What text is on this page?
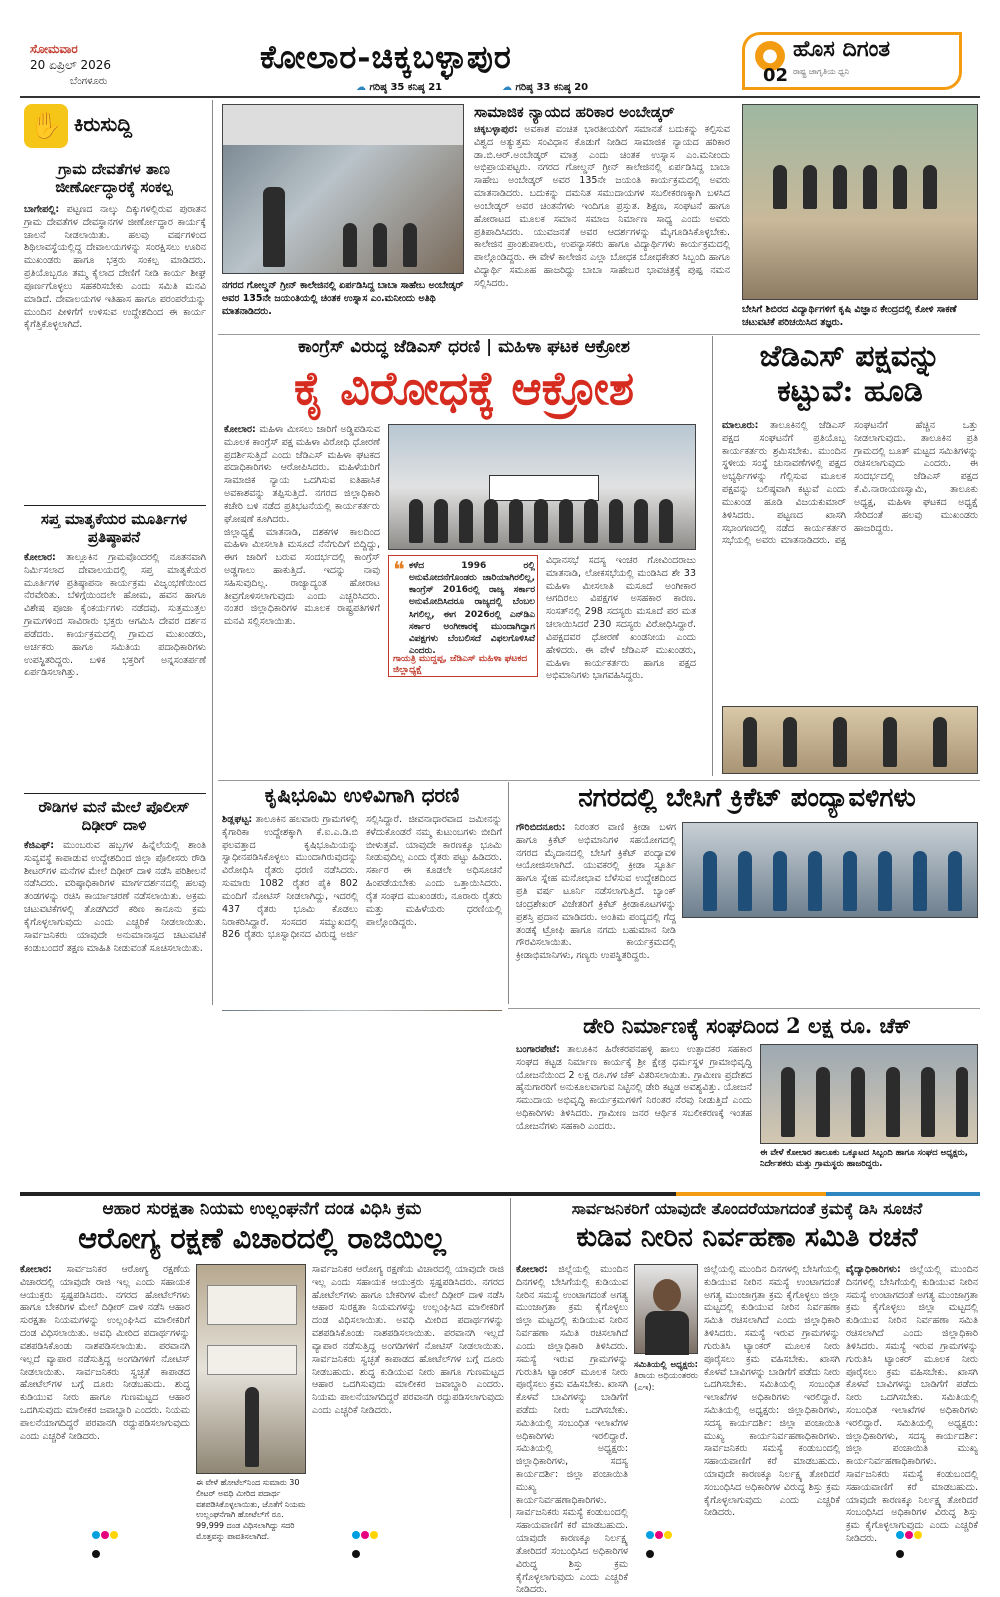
ಸೋಮವಾರ
20 ಏಪ್ರಿಲ್ 2026
ಬೆಂಗಳೂರು
ಕೋಲಾರ-ಚಿಕ್ಕಬಳ್ಳಾಪುರ
☁ ಗರಿಷ್ಠ 35 ಕನಿಷ್ಠ 21	☁ ಗರಿಷ್ಠ 33 ಕನಿಷ್ಠ 20
● ಹೊಸ ದಿಗಂತ
ರಾಷ್ಟ್ರ ಜಾಗೃತಿಯ ಧ್ವನಿ
02
✋ ಕಿರುಸುದ್ದಿ
ಗ್ರಾಮ ದೇವತೆಗಳ ತಾಣ ಜೀರ್ಣೋದ್ಧಾರಕ್ಕೆ ಸಂಕಲ್ಪ
ಬಾಗೇಪಲ್ಲಿ: ಪಟ್ಟಣದ ನಾಲ್ಕು ದಿಕ್ಕುಗಳಲ್ಲಿರುವ ಪುರಾತನ ಗ್ರಾಮ ದೇವತೆಗಳ ದೇವಸ್ಥಾನಗಳ ಜೀರ್ಣೋದ್ಧಾರ ಕಾರ್ಯಕ್ಕೆ ಚಾಲನೆ ನೀಡಲಾಯಿತು. ಹಲವು ವರ್ಷಗಳಿಂದ ಶಿಥಿಲಾವಸ್ಥೆಯಲ್ಲಿದ್ದ ದೇವಾಲಯಗಳನ್ನು ಸಂರಕ್ಷಿಸಲು ಊರಿನ ಮುಖಂಡರು ಹಾಗೂ ಭಕ್ತರು ಸಂಕಲ್ಪ ಮಾಡಿದರು. ಪ್ರತಿಯೊಬ್ಬರೂ ತಮ್ಮ ಕೈಲಾದ ದೇಣಿಗೆ ನೀಡಿ ಕಾರ್ಯ ಶೀಘ್ರ ಪೂರ್ಣಗೊಳ್ಳಲು ಸಹಕರಿಸಬೇಕು ಎಂದು ಸಮಿತಿ ಮನವಿ ಮಾಡಿದೆ. ದೇವಾಲಯಗಳ ಇತಿಹಾಸ ಹಾಗೂ ಪರಂಪರೆಯನ್ನು ಮುಂದಿನ ಪೀಳಿಗೆಗೆ ಉಳಿಸುವ ಉದ್ದೇಶದಿಂದ ಈ ಕಾರ್ಯ ಕೈಗೆತ್ತಿಕೊಳ್ಳಲಾಗಿದೆ.
ಸಪ್ತ ಮಾತೃಕೆಯರ ಮೂರ್ತಿಗಳ ಪ್ರತಿಷ್ಠಾಪನೆ
ಕೋಲಾರ: ತಾಲ್ಲೂಕಿನ ಗ್ರಾಮವೊಂದರಲ್ಲಿ ನೂತನವಾಗಿ ನಿರ್ಮಿಸಲಾದ ದೇವಾಲಯದಲ್ಲಿ ಸಪ್ತ ಮಾತೃಕೆಯರ ಮೂರ್ತಿಗಳ ಪ್ರತಿಷ್ಠಾಪನಾ ಕಾರ್ಯಕ್ರಮ ವಿಜೃಂಭಣೆಯಿಂದ ನೆರವೇರಿತು. ಬೆಳಿಗ್ಗೆಯಿಂದಲೇ ಹೋಮ, ಹವನ ಹಾಗೂ ವಿಶೇಷ ಪೂಜಾ ಕೈಂಕರ್ಯಗಳು ನಡೆದವು. ಸುತ್ತಮುತ್ತಲ ಗ್ರಾಮಗಳಿಂದ ಸಾವಿರಾರು ಭಕ್ತರು ಆಗಮಿಸಿ ದೇವರ ದರ್ಶನ ಪಡೆದರು. ಕಾರ್ಯಕ್ರಮದಲ್ಲಿ ಗ್ರಾಮದ ಮುಖಂಡರು, ಅರ್ಚಕರು ಹಾಗೂ ಸಮಿತಿಯ ಪದಾಧಿಕಾರಿಗಳು ಉಪಸ್ಥಿತರಿದ್ದರು. ಬಳಿಕ ಭಕ್ತರಿಗೆ ಅನ್ನಸಂತರ್ಪಣೆ ಏರ್ಪಡಿಸಲಾಗಿತ್ತು.
ರೌಡಿಗಳ ಮನೆ ಮೇಲೆ ಪೊಲೀಸ್ ದಿಢೀರ್ ದಾಳಿ
ಕೆಜಿಎಫ್: ಮುಂಬರುವ ಹಬ್ಬಗಳ ಹಿನ್ನೆಲೆಯಲ್ಲಿ ಶಾಂತಿ ಸುವ್ಯವಸ್ಥೆ ಕಾಪಾಡುವ ಉದ್ದೇಶದಿಂದ ಜಿಲ್ಲಾ ಪೊಲೀಸರು ರೌಡಿ ಶೀಟರ್‌ಗಳ ಮನೆಗಳ ಮೇಲೆ ದಿಢೀರ್ ದಾಳಿ ನಡೆಸಿ ಪರಿಶೀಲನೆ ನಡೆಸಿದರು. ವರಿಷ್ಠಾಧಿಕಾರಿಗಳ ಮಾರ್ಗದರ್ಶನದಲ್ಲಿ ಹಲವು ತಂಡಗಳನ್ನು ರಚಿಸಿ ಕಾರ್ಯಾಚರಣೆ ನಡೆಸಲಾಯಿತು. ಅಕ್ರಮ ಚಟುವಟಿಕೆಗಳಲ್ಲಿ ತೊಡಗಿದರೆ ಕಠಿಣ ಕಾನೂನು ಕ್ರಮ ಕೈಗೊಳ್ಳಲಾಗುವುದು ಎಂದು ಎಚ್ಚರಿಕೆ ನೀಡಲಾಯಿತು. ಸಾರ್ವಜನಿಕರು ಯಾವುದೇ ಅನುಮಾನಾಸ್ಪದ ಚಟುವಟಿಕೆ ಕಂಡುಬಂದರೆ ತಕ್ಷಣ ಮಾಹಿತಿ ನೀಡುವಂತೆ ಸೂಚಿಸಲಾಯಿತು.
ನಗರದ ಗೋಲ್ಡನ್ ಗ್ರೀನ್ ಕಾಲೇಜಿನಲ್ಲಿ ಏರ್ಪಡಿಸಿದ್ದ ಬಾಬಾ ಸಾಹೇಬ ಅಂಬೇಡ್ಕರ್ ಅವರ 135ನೇ ಜಯಂತಿಯಲ್ಲಿ ಚಿಂತಕ ಉಸ್ನಾಸ ಎಂ.ಮನೀಂದು ಅತಿಥಿ ಮಾತನಾಡಿದರು.
ಸಾಮಾಜಿಕ ನ್ಯಾಯದ ಹರಿಕಾರ ಅಂಬೇಡ್ಕರ್
ಚಿಕ್ಕಬಳ್ಳಾಪುರ: ಅವಕಾಶ ವಂಚಿತ ಭಾರತೀಯರಿಗೆ ಸಮಾನತೆ ಬದುಕನ್ನು ಕಲ್ಪಿಸುವ ವಿಶ್ವದ ಅತ್ಯುತ್ತಮ ಸಂವಿಧಾನ ಕೊಡುಗೆ ನೀಡಿದ ಸಾಮಾಜಿಕ ನ್ಯಾಯದ ಹರಿಕಾರ ಡಾ.ಬಿ.ಆರ್.ಅಂಬೇಡ್ಕರ್ ಮಾತ್ರ ಎಂದು ಚಿಂತಕ ಉಸ್ನಾಸ ಎಂ.ಮನೀಂದು ಅಭಿಪ್ರಾಯಪಟ್ಟರು. ನಗರದ ಗೋಲ್ಡನ್ ಗ್ರೀನ್ ಕಾಲೇಜಿನಲ್ಲಿ ಏರ್ಪಡಿಸಿದ್ದ ಬಾಬಾ ಸಾಹೇಬ ಅಂಬೇಡ್ಕರ್ ಅವರ 135ನೇ ಜಯಂತಿ ಕಾರ್ಯಕ್ರಮದಲ್ಲಿ ಅವರು ಮಾತನಾಡಿದರು. ಬದುಕನ್ನು ದಮನಿತ ಸಮುದಾಯಗಳ ಸಬಲೀಕರಣಕ್ಕಾಗಿ ಬಳಸಿದ ಅಂಬೇಡ್ಕರ್ ಅವರ ಚಿಂತನೆಗಳು ಇಂದಿಗೂ ಪ್ರಸ್ತುತ. ಶಿಕ್ಷಣ, ಸಂಘಟನೆ ಹಾಗೂ ಹೋರಾಟದ ಮೂಲಕ ಸಮಾನ ಸಮಾಜ ನಿರ್ಮಾಣ ಸಾಧ್ಯ ಎಂದು ಅವರು ಪ್ರತಿಪಾದಿಸಿದರು. ಯುವಜನತೆ ಅವರ ಆದರ್ಶಗಳನ್ನು ಮೈಗೂಡಿಸಿಕೊಳ್ಳಬೇಕು. ಕಾಲೇಜಿನ ಪ್ರಾಂಶುಪಾಲರು, ಉಪನ್ಯಾಸಕರು ಹಾಗೂ ವಿದ್ಯಾರ್ಥಿಗಳು ಕಾರ್ಯಕ್ರಮದಲ್ಲಿ ಪಾಲ್ಗೊಂಡಿದ್ದರು. ಈ ವೇಳೆ ಕಾಲೇಜಿನ ಎಲ್ಲಾ ಬೋಧಕ ಬೋಧಕೇತರ ಸಿಬ್ಬಂದಿ ಹಾಗೂ ವಿದ್ಯಾರ್ಥಿ ಸಮೂಹ ಹಾಜರಿದ್ದು ಬಾಬಾ ಸಾಹೇಬರ ಭಾವಚಿತ್ರಕ್ಕೆ ಪುಷ್ಪ ನಮನ ಸಲ್ಲಿಸಿದರು.
ಬೇಸಿಗೆ ಶಿಬಿರದ ವಿದ್ಯಾರ್ಥಿಗಳಿಗೆ ಕೃಷಿ ವಿಜ್ಞಾನ ಕೇಂದ್ರದಲ್ಲಿ ಕೋಳಿ ಸಾಕಣೆ ಚಟುವಟಿಕೆ ಪರಿಚಯಿಸಿದ ತಜ್ಞರು.
ಕಾಂಗ್ರೆಸ್ ವಿರುದ್ಧ ಜೆಡಿಎಸ್ ಧರಣಿ | ಮಹಿಳಾ ಘಟಕ ಆಕ್ರೋಶ
ಕೈ ವಿರೋಧಕ್ಕೆ ಆಕ್ರೋಶ
ಕೋಲಾರ: ಮಹಿಳಾ ಮೀಸಲು ಜಾರಿಗೆ ಅಡ್ಡಿಪಡಿಸುವ ಮೂಲಕ ಕಾಂಗ್ರೆಸ್ ಪಕ್ಷ ಮಹಿಳಾ ವಿರೋಧಿ ಧೋರಣೆ ಪ್ರದರ್ಶಿಸುತ್ತಿದೆ ಎಂದು ಜೆಡಿಎಸ್ ಮಹಿಳಾ ಘಟಕದ ಪದಾಧಿಕಾರಿಗಳು ಆರೋಪಿಸಿದರು. ಮಹಿಳೆಯರಿಗೆ ಸಾಮಾಜಿಕ ನ್ಯಾಯ ಒದಗಿಸುವ ಐತಿಹಾಸಿಕ ಅವಕಾಶವನ್ನು ತಪ್ಪಿಸುತ್ತಿದೆ. ನಗರದ ಜಿಲ್ಲಾಧಿಕಾರಿ ಕಚೇರಿ ಬಳಿ ನಡೆದ ಪ್ರತಿಭಟನೆಯಲ್ಲಿ ಕಾರ್ಯಕರ್ತರು ಘೋಷಣೆ ಕೂಗಿದರು.
ಜಿಲ್ಲಾಧ್ಯಕ್ಷೆ ಮಾತನಾಡಿ, ದಶಕಗಳ ಕಾಲದಿಂದ ಮಹಿಳಾ ಮೀಸಲಾತಿ ಮಸೂದೆ ನೆನೆಗುದಿಗೆ ಬಿದ್ದಿದ್ದು, ಈಗ ಜಾರಿಗೆ ಬರುವ ಸಂದರ್ಭದಲ್ಲಿ ಕಾಂಗ್ರೆಸ್ ಅಡ್ಡಗಾಲು ಹಾಕುತ್ತಿದೆ. ಇದನ್ನು ನಾವು ಸಹಿಸುವುದಿಲ್ಲ. ರಾಜ್ಯಾದ್ಯಂತ ಹೋರಾಟ ತೀವ್ರಗೊಳಿಸಲಾಗುವುದು ಎಂದು ಎಚ್ಚರಿಸಿದರು. ನಂತರ ಜಿಲ್ಲಾಧಿಕಾರಿಗಳ ಮೂಲಕ ರಾಷ್ಟ್ರಪತಿಗಳಿಗೆ ಮನವಿ ಸಲ್ಲಿಸಲಾಯಿತು.
❝ ಕಳೆದ 1996 ರಲ್ಲಿ ಅನುಮೋದನೆಗೊಂಡರು ಜಾರಿಯಾಗಿರಲಿಲ್ಲ, ಕಾಂಗ್ರೆಸ್ 2016ರಲ್ಲಿ ರಾಜ್ಯ ಸರ್ಕಾರ ಅನುಮೋದಿಸಿದರೂ ರಾಜ್ಯದಲ್ಲಿ ಬೆಂಬಲ ಸಿಗಲಿಲ್ಲ, ಈಗ 2026ರಲ್ಲಿ ಎನ್‌ಡಿಎ ಸರ್ಕಾರ ಅಂಗೀಕಾರಕ್ಕೆ ಮುಂದಾಗಿದ್ದಾಗ ವಿಪಕ್ಷಗಳು ಬೆಂಬಲಿಸದೆ ವಿಫಲಗೊಳಿಸಿವೆ ಎಂದರು.
ಗಾಯತ್ರಿ ಮುದ್ದಪ್ಪ, ಜೆಡಿಎಸ್ ಮಹಿಳಾ ಘಟಕದ ಜಿಲ್ಲಾಧ್ಯಕ್ಷೆ
ವಿಧಾನಸಭೆ ಸದಸ್ಯ ಇಂಚರ ಗೋವಿಂದರಾಜು ಮಾತನಾಡಿ, ಲೋಕಸಭೆಯಲ್ಲಿ ಮಂಡಿಸಿದ ಶೇ 33 ಮಹಿಳಾ ಮೀಸಲಾತಿ ಮಸೂದೆ ಅಂಗೀಕಾರ ಆಗದಿರಲು ವಿಪಕ್ಷಗಳ ಅಸಹಕಾರ ಕಾರಣ. ಸಂಸತ್‌ನಲ್ಲಿ 298 ಸದಸ್ಯರು ಮಸೂದೆ ಪರ ಮತ ಚಲಾಯಿಸಿದರೆ 230 ಸದಸ್ಯರು ವಿರೋಧಿಸಿದ್ದಾರೆ. ವಿಪಕ್ಷದವರ ಧೋರಣೆ ಖಂಡನೀಯ ಎಂದು ಹೇಳಿದರು. ಈ ವೇಳೆ ಜೆಡಿಎಸ್ ಮುಖಂಡರು, ಮಹಿಳಾ ಕಾರ್ಯಕರ್ತರು ಹಾಗೂ ಪಕ್ಷದ ಅಭಿಮಾನಿಗಳು ಭಾಗವಹಿಸಿದ್ದರು.
ಜೆಡಿಎಸ್ ಪಕ್ಷವನ್ನು ಕಟ್ಟುವೆ: ಹೂಡಿ
ಮಾಲೂರು: ತಾಲೂಕಿನಲ್ಲಿ ಜೆಡಿಎಸ್ ಪಕ್ಷದ ಸಂಘಟನೆಗೆ ಪ್ರತಿಯೊಬ್ಬ ಕಾರ್ಯಕರ್ತರು ಶ್ರಮಿಸಬೇಕು. ಮುಂದಿನ ಸ್ಥಳೀಯ ಸಂಸ್ಥೆ ಚುನಾವಣೆಗಳಲ್ಲಿ ಪಕ್ಷದ ಅಭ್ಯರ್ಥಿಗಳನ್ನು ಗೆಲ್ಲಿಸುವ ಮೂಲಕ ಪಕ್ಷವನ್ನು ಬಲಿಷ್ಠವಾಗಿ ಕಟ್ಟುವೆ ಎಂದು ಮುಖಂಡ ಹೂಡಿ ವಿಜಯಕುಮಾರ್ ತಿಳಿಸಿದರು. ಪಟ್ಟಣದ ಖಾಸಗಿ ಸಭಾಂಗಣದಲ್ಲಿ ನಡೆದ ಕಾರ್ಯಕರ್ತರ ಸಭೆಯಲ್ಲಿ ಅವರು ಮಾತನಾಡಿದರು. ಪಕ್ಷ ಸಂಘಟನೆಗೆ ಹೆಚ್ಚಿನ ಒತ್ತು ನೀಡಲಾಗುವುದು. ತಾಲೂಕಿನ ಪ್ರತಿ ಗ್ರಾಮದಲ್ಲಿ ಬೂತ್ ಮಟ್ಟದ ಸಮಿತಿಗಳನ್ನು ರಚಿಸಲಾಗುವುದು ಎಂದರು. ಈ ಸಂದರ್ಭದಲ್ಲಿ ಜೆಡಿಎಸ್ ಪಕ್ಷದ ಕೆ.ವಿ.ನಾರಾಯಣಸ್ವಾಮಿ, ತಾಲೂಕು ಅಧ್ಯಕ್ಷ, ಮಹಿಳಾ ಘಟಕದ ಅಧ್ಯಕ್ಷೆ ಸೇರಿದಂತೆ ಹಲವು ಮುಖಂಡರು ಹಾಜರಿದ್ದರು.
ಕೃಷಿಭೂಮಿ ಉಳಿವಿಗಾಗಿ ಧರಣಿ
ಶಿಡ್ಲಘಟ್ಟ: ತಾಲೂಕಿನ ಹಲವಾರು ಗ್ರಾಮಗಳಲ್ಲಿ ಕೈಗಾರಿಕಾ ಉದ್ದೇಶಕ್ಕಾಗಿ ಕೆ.ಐ.ಎ.ಡಿ.ಬಿ ಫಲವತ್ತಾದ ಕೃಷಿಭೂಮಿಯನ್ನು ಸ್ವಾಧೀನಪಡಿಸಿಕೊಳ್ಳಲು ಮುಂದಾಗಿರುವುದನ್ನು ವಿರೋಧಿಸಿ ರೈತರು ಧರಣಿ ನಡೆಸಿದರು. ಸುಮಾರು 1082 ರೈತರ ಪೈಕಿ 802 ಮಂದಿಗೆ ನೋಟಿಸ್ ನೀಡಲಾಗಿದ್ದು, ಇದರಲ್ಲಿ 437 ರೈತರು ಭೂಮಿ ಕೊಡಲು ನಿರಾಕರಿಸಿದ್ದಾರೆ. ಸಂಸದರ ಸಮ್ಮುಖದಲ್ಲಿ 826 ರೈತರು ಭೂಸ್ವಾಧೀನದ ವಿರುದ್ಧ ಅರ್ಜಿ ಸಲ್ಲಿಸಿದ್ದಾರೆ. ಜೀವನಾಧಾರವಾದ ಜಮೀನನ್ನು ಕಳೆದುಕೊಂಡರೆ ನಮ್ಮ ಕುಟುಂಬಗಳು ಬೀದಿಗೆ ಬೀಳುತ್ತವೆ. ಯಾವುದೇ ಕಾರಣಕ್ಕೂ ಭೂಮಿ ನೀಡುವುದಿಲ್ಲ ಎಂದು ರೈತರು ಪಟ್ಟು ಹಿಡಿದರು. ಸರ್ಕಾರ ಈ ಕೂಡಲೇ ಅಧಿಸೂಚನೆ ಹಿಂಪಡೆಯಬೇಕು ಎಂದು ಒತ್ತಾಯಿಸಿದರು. ರೈತ ಸಂಘದ ಮುಖಂಡರು, ನೂರಾರು ರೈತರು ಮತ್ತು ಮಹಿಳೆಯರು ಧರಣಿಯಲ್ಲಿ ಪಾಲ್ಗೊಂಡಿದ್ದರು.
ನಗರದಲ್ಲಿ ಬೇಸಿಗೆ ಕ್ರಿಕೆಟ್ ಪಂದ್ಯಾವಳಿಗಳು
ಗೌರಿಬಿದನೂರು: ನಿರಂತರ ವಾಣಿ ಕ್ರೀಡಾ ಬಳಗ ಹಾಗೂ ಕ್ರಿಕೆಟ್ ಅಭಿಮಾನಿಗಳ ಸಹಯೋಗದಲ್ಲಿ ನಗರದ ಮೈದಾನದಲ್ಲಿ ಬೇಸಿಗೆ ಕ್ರಿಕೆಟ್ ಪಂದ್ಯಾವಳಿ ಆಯೋಜಿಸಲಾಗಿದೆ. ಯುವಕರಲ್ಲಿ ಕ್ರೀಡಾ ಸ್ಫೂರ್ತಿ ಹಾಗೂ ಸ್ನೇಹ ಮನೋಭಾವ ಬೆಳೆಸುವ ಉದ್ದೇಶದಿಂದ ಪ್ರತಿ ವರ್ಷ ಟೂರ್ನಿ ನಡೆಸಲಾಗುತ್ತಿದೆ. ಬ್ಯಾಂಕ್ ಚಂದ್ರಶೇಖರ್ ವಿಜೇತರಿಗೆ ಕ್ರಿಕೆಟ್ ಕ್ರೀಡಾಕೂಟಗಳನ್ನು ಪ್ರಶಸ್ತಿ ಪ್ರದಾನ ಮಾಡಿದರು. ಅಂತಿಮ ಪಂದ್ಯದಲ್ಲಿ ಗೆದ್ದ ತಂಡಕ್ಕೆ ಟ್ರೋಫಿ ಹಾಗೂ ನಗದು ಬಹುಮಾನ ನೀಡಿ ಗೌರವಿಸಲಾಯಿತು. ಕಾರ್ಯಕ್ರಮದಲ್ಲಿ ಕ್ರೀಡಾಭಿಮಾನಿಗಳು, ಗಣ್ಯರು ಉಪಸ್ಥಿತರಿದ್ದರು.
ಡೇರಿ ನಿರ್ಮಾಣಕ್ಕೆ ಸಂಘದಿಂದ 2 ಲಕ್ಷ ರೂ. ಚೆಕ್
ಬಂಗಾರಪೇಟೆ: ತಾಲೂಕಿನ ಹಿರೇಕರಪನಹಳ್ಳಿ ಹಾಲು ಉತ್ಪಾದಕರ ಸಹಕಾರ ಸಂಘದ ಕಟ್ಟಡ ನಿರ್ಮಾಣ ಕಾರ್ಯಕ್ಕೆ ಶ್ರೀ ಕ್ಷೇತ್ರ ಧರ್ಮಸ್ಥಳ ಗ್ರಾಮಾಭಿವೃದ್ಧಿ ಯೋಜನೆಯಿಂದ 2 ಲಕ್ಷ ರೂ.ಗಳ ಚೆಕ್ ವಿತರಿಸಲಾಯಿತು. ಗ್ರಾಮೀಣ ಪ್ರದೇಶದ ಹೈನುಗಾರರಿಗೆ ಅನುಕೂಲವಾಗುವ ನಿಟ್ಟಿನಲ್ಲಿ ಡೇರಿ ಕಟ್ಟಡ ಅವಶ್ಯವಿತ್ತು. ಯೋಜನೆ ಸಮುದಾಯ ಅಭಿವೃದ್ಧಿ ಕಾರ್ಯಕ್ರಮಗಳಿಗೆ ನಿರಂತರ ನೆರವು ನೀಡುತ್ತಿದೆ ಎಂದು ಅಧಿಕಾರಿಗಳು ತಿಳಿಸಿದರು. ಗ್ರಾಮೀಣ ಜನರ ಆರ್ಥಿಕ ಸಬಲೀಕರಣಕ್ಕೆ ಇಂತಹ ಯೋಜನೆಗಳು ಸಹಕಾರಿ ಎಂದರು.
ಈ ವೇಳೆ ಕೋಲಾರ ತಾಲೂಕು ಒಕ್ಕೂಟದ ಸಿಬ್ಬಂದಿ ಹಾಗೂ ಸಂಘದ ಅಧ್ಯಕ್ಷರು, ನಿರ್ದೇಶಕರು ಮತ್ತು ಗ್ರಾಮಸ್ಥರು ಹಾಜರಿದ್ದರು.
ಆಹಾರ ಸುರಕ್ಷತಾ ನಿಯಮ ಉಲ್ಲಂಘನೆಗೆ ದಂಡ ವಿಧಿಸಿ ಕ್ರಮ
ಆರೋಗ್ಯ ರಕ್ಷಣೆ ವಿಚಾರದಲ್ಲಿ ರಾಜಿಯಿಲ್ಲ
ಕೋಲಾರ: ಸಾರ್ವಜನಿಕರ ಆರೋಗ್ಯ ರಕ್ಷಣೆಯ ವಿಚಾರದಲ್ಲಿ ಯಾವುದೇ ರಾಜಿ ಇಲ್ಲ ಎಂದು ಸಹಾಯಕ ಆಯುಕ್ತರು ಸ್ಪಷ್ಟಪಡಿಸಿದರು. ನಗರದ ಹೋಟೆಲ್‌ಗಳು ಹಾಗೂ ಬೇಕರಿಗಳ ಮೇಲೆ ದಿಢೀರ್ ದಾಳಿ ನಡೆಸಿ ಆಹಾರ ಸುರಕ್ಷತಾ ನಿಯಮಗಳನ್ನು ಉಲ್ಲಂಘಿಸಿದ ಮಾಲೀಕರಿಗೆ ದಂಡ ವಿಧಿಸಲಾಯಿತು. ಅವಧಿ ಮೀರಿದ ಪದಾರ್ಥಗಳನ್ನು ವಶಪಡಿಸಿಕೊಂಡು ನಾಶಪಡಿಸಲಾಯಿತು. ಪರವಾನಗಿ ಇಲ್ಲದೆ ವ್ಯಾಪಾರ ನಡೆಸುತ್ತಿದ್ದ ಅಂಗಡಿಗಳಿಗೆ ನೋಟಿಸ್ ನೀಡಲಾಯಿತು. ಸಾರ್ವಜನಿಕರು ಸ್ವಚ್ಛತೆ ಕಾಪಾಡದ ಹೋಟೆಲ್‌ಗಳ ಬಗ್ಗೆ ದೂರು ನೀಡಬಹುದು. ಶುದ್ಧ ಕುಡಿಯುವ ನೀರು ಹಾಗೂ ಗುಣಮಟ್ಟದ ಆಹಾರ ಒದಗಿಸುವುದು ಮಾಲೀಕರ ಜವಾಬ್ದಾರಿ ಎಂದರು. ನಿಯಮ ಪಾಲನೆಯಾಗದಿದ್ದರೆ ಪರವಾನಗಿ ರದ್ದುಪಡಿಸಲಾಗುವುದು ಎಂದು ಎಚ್ಚರಿಕೆ ನೀಡಿದರು.
ಈ ವೇಳೆ ಹೋಟೆಲ್‌ನಿಂದ ಸುಮಾರು 30 ಲೀಟರ್ ಅವಧಿ ಮೀರಿದ ಪದಾರ್ಥ ವಶಪಡಿಸಿಕೊಳ್ಳಲಾಯಿತು, ಜೊತೆಗೆ ನಿಯಮ ಉಲ್ಲಂಘನೆಗಾಗಿ ಹೋಟೆಲ್‌ಗೆ ರೂ. 99,999 ದಂಡ ವಿಧಿಸಲಾಗಿದ್ದು ಸದರಿ ಮೊತ್ತವನ್ನು ಪಾವತಿಸಲಾಗಿದೆ.
ಸಾರ್ವಜನಿಕರ ಆರೋಗ್ಯ ರಕ್ಷಣೆಯ ವಿಚಾರದಲ್ಲಿ ಯಾವುದೇ ರಾಜಿ ಇಲ್ಲ ಎಂದು ಸಹಾಯಕ ಆಯುಕ್ತರು ಸ್ಪಷ್ಟಪಡಿಸಿದರು. ನಗರದ ಹೋಟೆಲ್‌ಗಳು ಹಾಗೂ ಬೇಕರಿಗಳ ಮೇಲೆ ದಿಢೀರ್ ದಾಳಿ ನಡೆಸಿ ಆಹಾರ ಸುರಕ್ಷತಾ ನಿಯಮಗಳನ್ನು ಉಲ್ಲಂಘಿಸಿದ ಮಾಲೀಕರಿಗೆ ದಂಡ ವಿಧಿಸಲಾಯಿತು. ಅವಧಿ ಮೀರಿದ ಪದಾರ್ಥಗಳನ್ನು ವಶಪಡಿಸಿಕೊಂಡು ನಾಶಪಡಿಸಲಾಯಿತು. ಪರವಾನಗಿ ಇಲ್ಲದೆ ವ್ಯಾಪಾರ ನಡೆಸುತ್ತಿದ್ದ ಅಂಗಡಿಗಳಿಗೆ ನೋಟಿಸ್ ನೀಡಲಾಯಿತು. ಸಾರ್ವಜನಿಕರು ಸ್ವಚ್ಛತೆ ಕಾಪಾಡದ ಹೋಟೆಲ್‌ಗಳ ಬಗ್ಗೆ ದೂರು ನೀಡಬಹುದು. ಶುದ್ಧ ಕುಡಿಯುವ ನೀರು ಹಾಗೂ ಗುಣಮಟ್ಟದ ಆಹಾರ ಒದಗಿಸುವುದು ಮಾಲೀಕರ ಜವಾಬ್ದಾರಿ ಎಂದರು. ನಿಯಮ ಪಾಲನೆಯಾಗದಿದ್ದರೆ ಪರವಾನಗಿ ರದ್ದುಪಡಿಸಲಾಗುವುದು ಎಂದು ಎಚ್ಚರಿಕೆ ನೀಡಿದರು.
ಸಾರ್ವಜನಿಕರಿಗೆ ಯಾವುದೇ ತೊಂದರೆಯಾಗದಂತೆ ಕ್ರಮಕ್ಕೆ ಡಿಸಿ ಸೂಚನೆ
ಕುಡಿವ ನೀರಿನ ನಿರ್ವಹಣಾ ಸಮಿತಿ ರಚನೆ
ಕೋಲಾರ: ಜಿಲ್ಲೆಯಲ್ಲಿ ಮುಂದಿನ ದಿನಗಳಲ್ಲಿ ಬೇಸಿಗೆಯಲ್ಲಿ ಕುಡಿಯುವ ನೀರಿನ ಸಮಸ್ಯೆ ಉಂಟಾಗದಂತೆ ಅಗತ್ಯ ಮುಂಜಾಗ್ರತಾ ಕ್ರಮ ಕೈಗೊಳ್ಳಲು ಜಿಲ್ಲಾ ಮಟ್ಟದಲ್ಲಿ ಕುಡಿಯುವ ನೀರಿನ ನಿರ್ವಹಣಾ ಸಮಿತಿ ರಚಿಸಲಾಗಿದೆ ಎಂದು ಜಿಲ್ಲಾಧಿಕಾರಿ ತಿಳಿಸಿದರು. ಸಮಸ್ಯೆ ಇರುವ ಗ್ರಾಮಗಳನ್ನು ಗುರುತಿಸಿ ಟ್ಯಾಂಕರ್ ಮೂಲಕ ನೀರು ಪೂರೈಸಲು ಕ್ರಮ ವಹಿಸಬೇಕು. ಖಾಸಗಿ ಕೊಳವೆ ಬಾವಿಗಳನ್ನು ಬಾಡಿಗೆಗೆ ಪಡೆದು ನೀರು ಒದಗಿಸಬೇಕು. ಸಮಿತಿಯಲ್ಲಿ ಸಂಬಂಧಿತ ಇಲಾಖೆಗಳ ಅಧಿಕಾರಿಗಳು ಇರಲಿದ್ದಾರೆ. ಸಮಿತಿಯಲ್ಲಿ ಅಧ್ಯಕ್ಷರು: ಜಿಲ್ಲಾಧಿಕಾರಿಗಳು, ಸದಸ್ಯ ಕಾರ್ಯದರ್ಶಿ: ಜಿಲ್ಲಾ ಪಂಚಾಯಿತಿ ಮುಖ್ಯ ಕಾರ್ಯನಿರ್ವಹಣಾಧಿಕಾರಿಗಳು. ಸಾರ್ವಜನಿಕರು ಸಮಸ್ಯೆ ಕಂಡುಬಂದಲ್ಲಿ ಸಹಾಯವಾಣಿಗೆ ಕರೆ ಮಾಡಬಹುದು. ಯಾವುದೇ ಕಾರಣಕ್ಕೂ ನಿರ್ಲಕ್ಷ್ಯ ತೋರಿದರೆ ಸಂಬಂಧಿಸಿದ ಅಧಿಕಾರಿಗಳ ವಿರುದ್ಧ ಶಿಸ್ತು ಕ್ರಮ ಕೈಗೊಳ್ಳಲಾಗುವುದು ಎಂದು ಎಚ್ಚರಿಕೆ ನೀಡಿದರು.
ಸಮಿತಿಯಲ್ಲಿ ಅಧ್ಯಕ್ಷರು: ತಿರಾಯ ಅಧಿಯಂತರರು (ಎಇ):
ಜಿಲ್ಲೆಯಲ್ಲಿ ಮುಂದಿನ ದಿನಗಳಲ್ಲಿ ಬೇಸಿಗೆಯಲ್ಲಿ ಕುಡಿಯುವ ನೀರಿನ ಸಮಸ್ಯೆ ಉಂಟಾಗದಂತೆ ಅಗತ್ಯ ಮುಂಜಾಗ್ರತಾ ಕ್ರಮ ಕೈಗೊಳ್ಳಲು ಜಿಲ್ಲಾ ಮಟ್ಟದಲ್ಲಿ ಕುಡಿಯುವ ನೀರಿನ ನಿರ್ವಹಣಾ ಸಮಿತಿ ರಚಿಸಲಾಗಿದೆ ಎಂದು ಜಿಲ್ಲಾಧಿಕಾರಿ ತಿಳಿಸಿದರು. ಸಮಸ್ಯೆ ಇರುವ ಗ್ರಾಮಗಳನ್ನು ಗುರುತಿಸಿ ಟ್ಯಾಂಕರ್ ಮೂಲಕ ನೀರು ಪೂರೈಸಲು ಕ್ರಮ ವಹಿಸಬೇಕು. ಖಾಸಗಿ ಕೊಳವೆ ಬಾವಿಗಳನ್ನು ಬಾಡಿಗೆಗೆ ಪಡೆದು ನೀರು ಒದಗಿಸಬೇಕು. ಸಮಿತಿಯಲ್ಲಿ ಸಂಬಂಧಿತ ಇಲಾಖೆಗಳ ಅಧಿಕಾರಿಗಳು ಇರಲಿದ್ದಾರೆ. ಸಮಿತಿಯಲ್ಲಿ ಅಧ್ಯಕ್ಷರು: ಜಿಲ್ಲಾಧಿಕಾರಿಗಳು, ಸದಸ್ಯ ಕಾರ್ಯದರ್ಶಿ: ಜಿಲ್ಲಾ ಪಂಚಾಯಿತಿ ಮುಖ್ಯ ಕಾರ್ಯನಿರ್ವಹಣಾಧಿಕಾರಿಗಳು. ಸಾರ್ವಜನಿಕರು ಸಮಸ್ಯೆ ಕಂಡುಬಂದಲ್ಲಿ ಸಹಾಯವಾಣಿಗೆ ಕರೆ ಮಾಡಬಹುದು. ಯಾವುದೇ ಕಾರಣಕ್ಕೂ ನಿರ್ಲಕ್ಷ್ಯ ತೋರಿದರೆ ಸಂಬಂಧಿಸಿದ ಅಧಿಕಾರಿಗಳ ವಿರುದ್ಧ ಶಿಸ್ತು ಕ್ರಮ ಕೈಗೊಳ್ಳಲಾಗುವುದು ಎಂದು ಎಚ್ಚರಿಕೆ ನೀಡಿದರು.
ವೈದ್ಯಾಧಿಕಾರಿಗಳು: ಜಿಲ್ಲೆಯಲ್ಲಿ ಮುಂದಿನ ದಿನಗಳಲ್ಲಿ ಬೇಸಿಗೆಯಲ್ಲಿ ಕುಡಿಯುವ ನೀರಿನ ಸಮಸ್ಯೆ ಉಂಟಾಗದಂತೆ ಅಗತ್ಯ ಮುಂಜಾಗ್ರತಾ ಕ್ರಮ ಕೈಗೊಳ್ಳಲು ಜಿಲ್ಲಾ ಮಟ್ಟದಲ್ಲಿ ಕುಡಿಯುವ ನೀರಿನ ನಿರ್ವಹಣಾ ಸಮಿತಿ ರಚಿಸಲಾಗಿದೆ ಎಂದು ಜಿಲ್ಲಾಧಿಕಾರಿ ತಿಳಿಸಿದರು. ಸಮಸ್ಯೆ ಇರುವ ಗ್ರಾಮಗಳನ್ನು ಗುರುತಿಸಿ ಟ್ಯಾಂಕರ್ ಮೂಲಕ ನೀರು ಪೂರೈಸಲು ಕ್ರಮ ವಹಿಸಬೇಕು. ಖಾಸಗಿ ಕೊಳವೆ ಬಾವಿಗಳನ್ನು ಬಾಡಿಗೆಗೆ ಪಡೆದು ನೀರು ಒದಗಿಸಬೇಕು. ಸಮಿತಿಯಲ್ಲಿ ಸಂಬಂಧಿತ ಇಲಾಖೆಗಳ ಅಧಿಕಾರಿಗಳು ಇರಲಿದ್ದಾರೆ. ಸಮಿತಿಯಲ್ಲಿ ಅಧ್ಯಕ್ಷರು: ಜಿಲ್ಲಾಧಿಕಾರಿಗಳು, ಸದಸ್ಯ ಕಾರ್ಯದರ್ಶಿ: ಜಿಲ್ಲಾ ಪಂಚಾಯಿತಿ ಮುಖ್ಯ ಕಾರ್ಯನಿರ್ವಹಣಾಧಿಕಾರಿಗಳು. ಸಾರ್ವಜನಿಕರು ಸಮಸ್ಯೆ ಕಂಡುಬಂದಲ್ಲಿ ಸಹಾಯವಾಣಿಗೆ ಕರೆ ಮಾಡಬಹುದು. ಯಾವುದೇ ಕಾರಣಕ್ಕೂ ನಿರ್ಲಕ್ಷ್ಯ ತೋರಿದರೆ ಸಂಬಂಧಿಸಿದ ಅಧಿಕಾರಿಗಳ ವಿರುದ್ಧ ಶಿಸ್ತು ಕ್ರಮ ಕೈಗೊಳ್ಳಲಾಗುವುದು ಎಂದು ಎಚ್ಚರಿಕೆ ನೀಡಿದರು.
